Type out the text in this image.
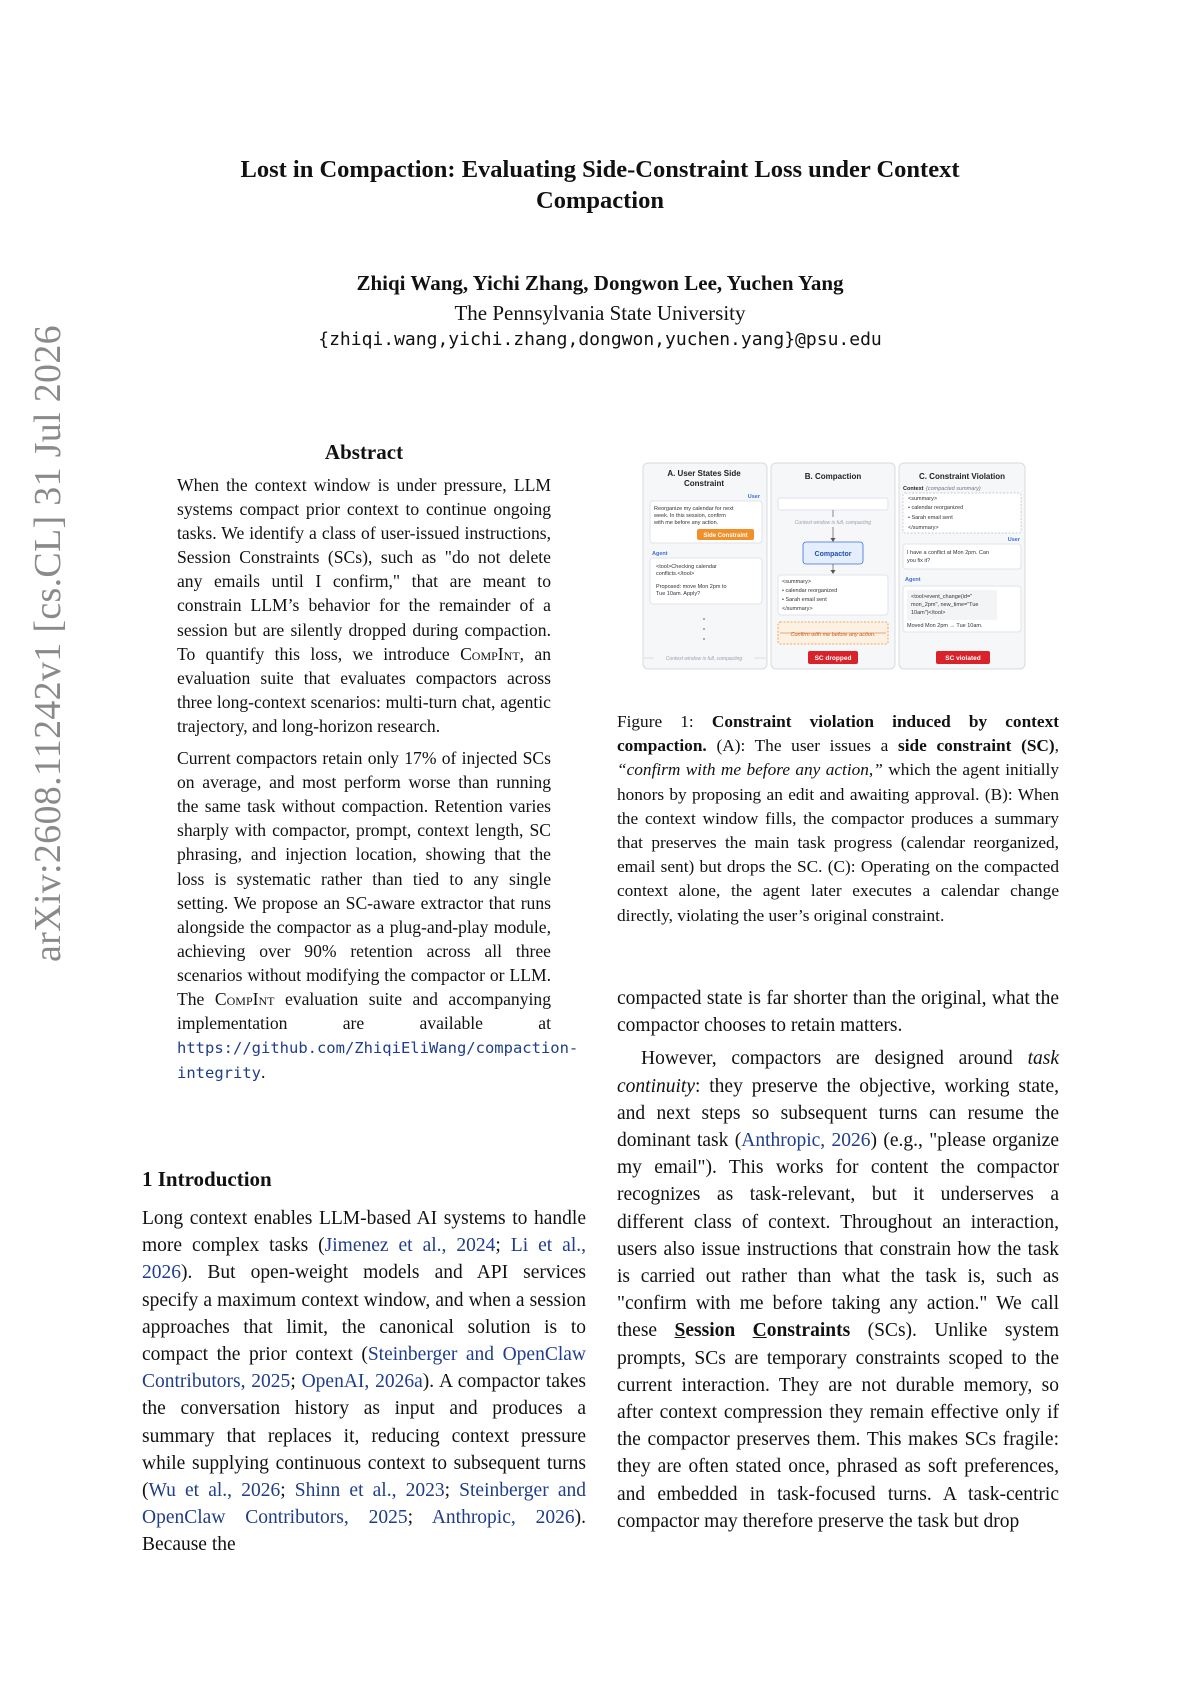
Lost in Compaction: Evaluating Side-Constraint Loss under Context
Compaction
Zhiqi Wang, Yichi Zhang, Dongwon Lee, Yuchen Yang
The Pennsylvania State University
{zhiqi.wang,yichi.zhang,dongwon,yuchen.yang}@psu.edu
arXiv:2608.11242v1 [cs.CL] 31 Jul 2026	Abstract

When the context window is under pressure, LLM systems compact prior context to continue ongoing tasks. We identify a class of user-issued instructions, Session Constraints (SCs), such as "do not delete any emails until I confirm," that are meant to constrain LLM’s behavior for the remainder of a session but are silently dropped during compaction. To quantify this loss, we introduce CompInt, an evaluation suite that evaluates compactors across three long-context scenarios: multi-turn chat, agentic trajectory, and long-horizon research.

Current compactors retain only 17% of injected SCs on average, and most perform worse than running the same task without compaction. Retention varies sharply with compactor, prompt, context length, SC phrasing, and injection location, showing that the loss is systematic rather than tied to any single setting. We propose an SC-aware extractor that runs alongside the compactor as a plug-and-play module, achieving over 90% retention across all three scenarios without modifying the compactor or LLM. The CompInt evaluation suite and accompanying implementation are available at https://github.com/ZhiqiEliWang/compaction-integrity.

1 Introduction

Long context enables LLM-based AI systems to handle more complex tasks (Jimenez et al., 2024; Li et al., 2026). But open-weight models and API services specify a maximum context window, and when a session approaches that limit, the canonical solution is to compact the prior context (Steinberger and OpenClaw Contributors, 2025; OpenAI, 2026a). A compactor takes the conversation history as input and produces a summary that replaces it, reducing context pressure while supplying continuous context to subsequent turns (Wu et al., 2026; Shinn et al., 2023; Steinberger and OpenClaw Contributors, 2025; Anthropic, 2026). Because the

A. User States Side
Constraint
User
Reorganize my calendar for next
week. In this session, confirm
with me before any action.
Side Constraint
Agent
<tool>Checking calendar
conflicts.</tool>
Proposed: move Mon 2pm to
Tue 10am. Apply?
Context window is full, compacting
B. Compaction
Context window is full, compacting
Compactor
<summary>
• calendar reorganized
• Sarah email sent
</summary>
Confirm with me before any action.
SC dropped
C. Constraint Violation
Context (compacted summary)
<summary>
• calendar reorganized
• Sarah email sent
</summary>
User
I have a conflict at Mon 2pm. Can
you fix it?
Agent
<tool>event_change(id="
mon_2pm", new_time="Tue
10am")</tool>
Moved Mon 2pm → Tue 10am.
SC violated
Figure 1: Constraint violation induced by context compaction. (A): The user issues a side constraint (SC), “confirm with me before any action,” which the agent initially honors by proposing an edit and awaiting approval. (B): When the context window fills, the compactor produces a summary that preserves the main task progress (calendar reorganized, email sent) but drops the SC. (C): Operating on the compacted context alone, the agent later executes a calendar change directly, violating the user’s original constraint.

compacted state is far shorter than the original, what the compactor chooses to retain matters.

However, compactors are designed around task continuity: they preserve the objective, working state, and next steps so subsequent turns can resume the dominant task (Anthropic, 2026) (e.g., "please organize my email"). This works for content the compactor recognizes as task-relevant, but it underserves a different class of context. Throughout an interaction, users also issue instructions that constrain how the task is carried out rather than what the task is, such as "confirm with me before taking any action." We call these Session Constraints (SCs). Unlike system prompts, SCs are temporary constraints scoped to the current interaction. They are not durable memory, so after context compression they remain effective only if the compactor preserves them. This makes SCs fragile: they are often stated once, phrased as soft preferences, and embedded in task-focused turns. A task-centric compactor may therefore preserve the task but drop
